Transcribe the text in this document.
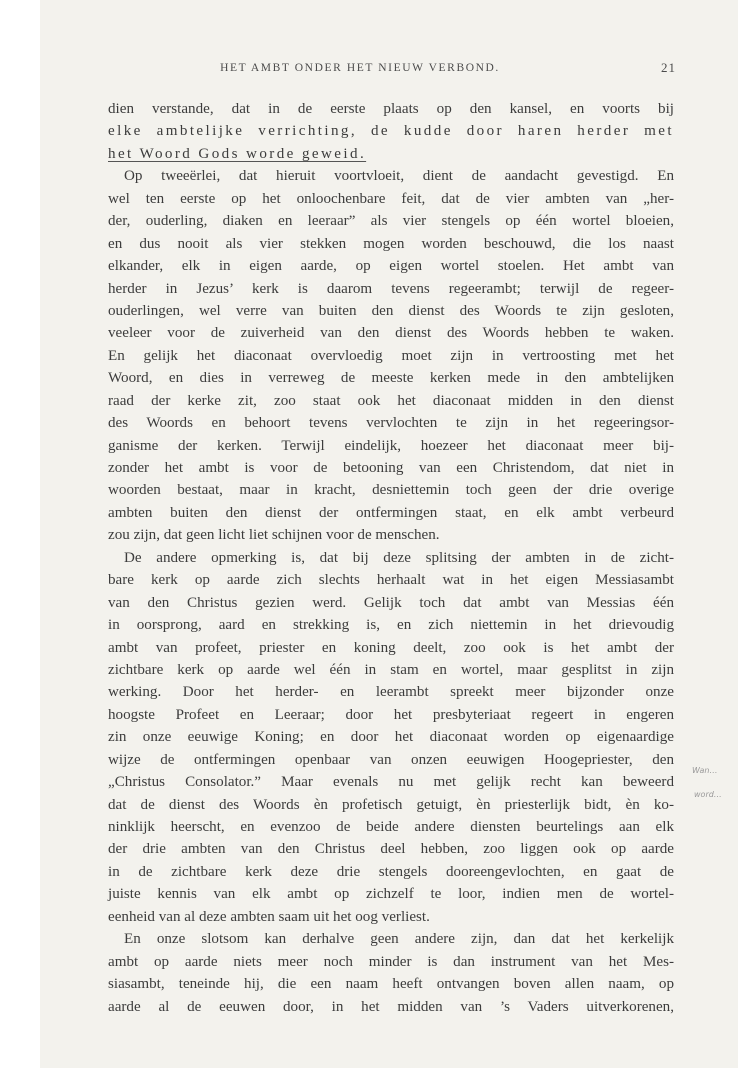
HET AMBT ONDER HET NIEUW VERBOND.	21
dien verstande, dat in de eerste plaats op den kansel, en voorts bij
elke ambtelijke verrichting, de kudde door haren herder met
het Woord Gods worde geweid.
Op tweeërlei, dat hieruit voortvloeit, dient de aandacht gevestigd. En
wel ten eerste op het onloochenbare feit, dat de vier ambten van „her-
der, ouderling, diaken en leeraar” als vier stengels op één wortel bloeien,
en dus nooit als vier stekken mogen worden beschouwd, die los naast
elkander, elk in eigen aarde, op eigen wortel stoelen. Het ambt van
herder in Jezus’ kerk is daarom tevens regeerambt; terwijl de regeer-
ouderlingen, wel verre van buiten den dienst des Woords te zijn gesloten,
veeleer voor de zuiverheid van den dienst des Woords hebben te waken.
En gelijk het diaconaat overvloedig moet zijn in vertroosting met het
Woord, en dies in verreweg de meeste kerken mede in den ambtelijken
raad der kerke zit, zoo staat ook het diaconaat midden in den dienst
des Woords en behoort tevens vervlochten te zijn in het regeeringsor-
ganisme der kerken. Terwijl eindelijk, hoezeer het diaconaat meer bij-
zonder het ambt is voor de betooning van een Christendom, dat niet in
woorden bestaat, maar in kracht, desniettemin toch geen der drie overige
ambten buiten den dienst der ontfermingen staat, en elk ambt verbeurd
zou zijn, dat geen licht liet schijnen voor de menschen.
De andere opmerking is, dat bij deze splitsing der ambten in de zicht-
bare kerk op aarde zich slechts herhaalt wat in het eigen Messiasambt
van den Christus gezien werd. Gelijk toch dat ambt van Messias één
in oorsprong, aard en strekking is, en zich niettemin in het drievoudig
ambt van profeet, priester en koning deelt, zoo ook is het ambt der
zichtbare kerk op aarde wel één in stam en wortel, maar gesplitst in zijn
werking. Door het herder- en leerambt spreekt meer bijzonder onze
hoogste Profeet en Leeraar; door het presbyteriaat regeert in engeren
zin onze eeuwige Koning; en door het diaconaat worden op eigenaardige
wijze de ontfermingen openbaar van onzen eeuwigen Hoogepriester, den
„Christus Consolator.” Maar evenals nu met gelijk recht kan beweerd
dat de dienst des Woords èn profetisch getuigt, èn priesterlijk bidt, èn ko-
ninklijk heerscht, en evenzoo de beide andere diensten beurtelings aan elk
der drie ambten van den Christus deel hebben, zoo liggen ook op aarde
in de zichtbare kerk deze drie stengels dooreengevlochten, en gaat de
juiste kennis van elk ambt op zichzelf te loor, indien men de wortel-
eenheid van al deze ambten saam uit het oog verliest.
En onze slotsom kan derhalve geen andere zijn, dan dat het kerkelijk
ambt op aarde niets meer noch minder is dan instrument van het Mes-
siasambt, teneinde hij, die een naam heeft ontvangen boven allen naam, op
aarde al de eeuwen door, in het midden van ’s Vaders uitverkorenen,
Wan…
word…
